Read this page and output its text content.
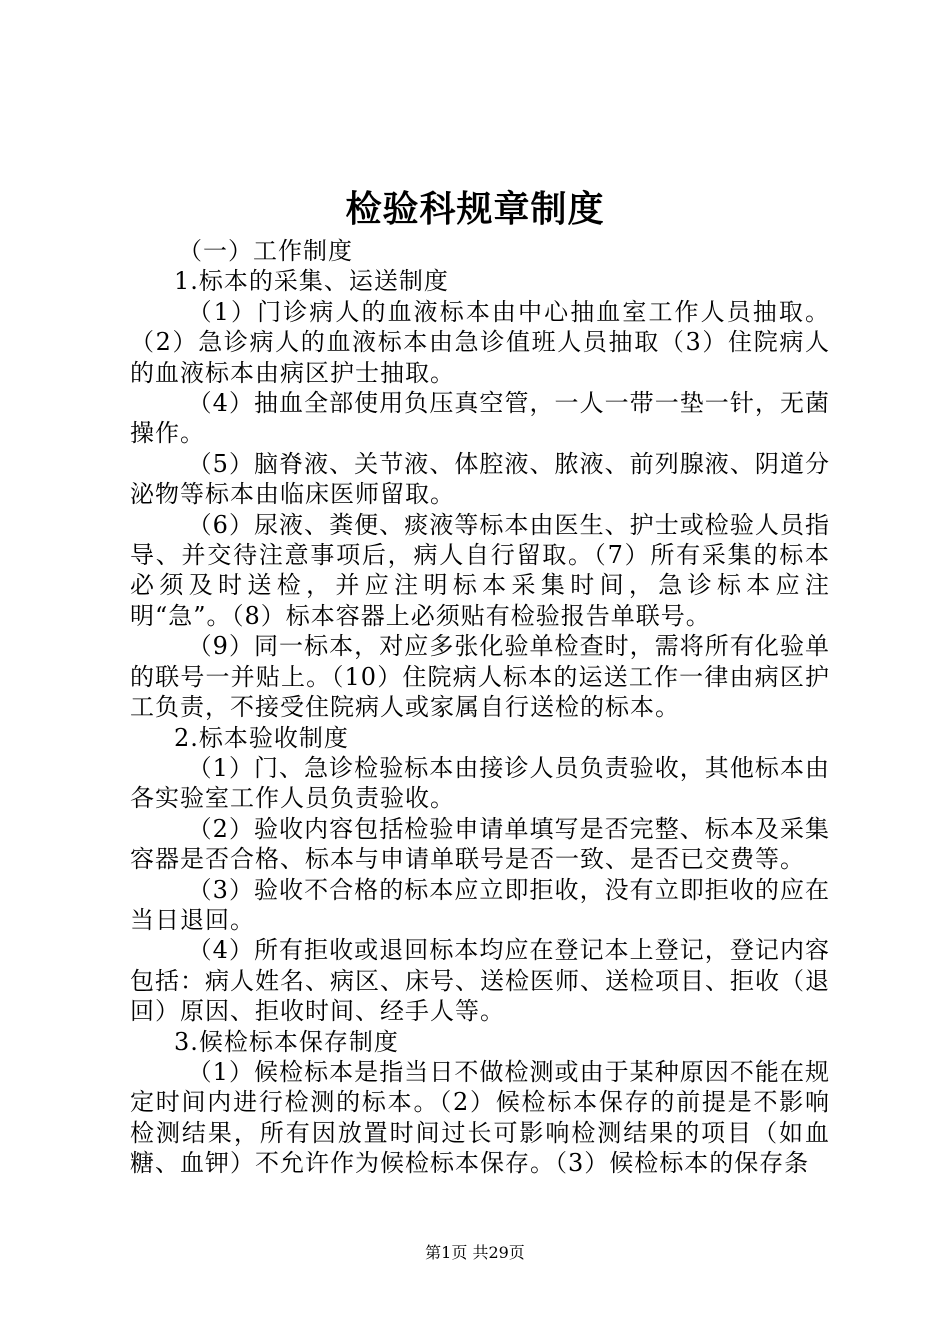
检验科规章制度

（一）工作制度

1.标本的采集、运送制度

（1）门诊病人的血液标本由中心抽血室工作人员抽取。（2）急诊病人的血液标本由急诊值班人员抽取（3）住院病人的血液标本由病区护士抽取。

（4）抽血全部使用负压真空管，一人一带一垫一针，无菌操作。

（5）脑脊液、关节液、体腔液、脓液、前列腺液、阴道分泌物等标本由临床医师留取。

（6）尿液、粪便、痰液等标本由医生、护士或检验人员指导、并交待注意事项后，病人自行留取。（7）所有采集的标本必须及时送检，并应注明标本采集时间，急诊标本应注明“急”。（8）标本容器上必须贴有检验报告单联号。

（9）同一标本，对应多张化验单检查时，需将所有化验单的联号一并贴上。（10）住院病人标本的运送工作一律由病区护工负责，不接受住院病人或家属自行送检的标本。

2.标本验收制度

（1）门、急诊检验标本由接诊人员负责验收，其他标本由各实验室工作人员负责验收。

（2）验收内容包括检验申请单填写是否完整、标本及采集容器是否合格、标本与申请单联号是否一致、是否已交费等。

（3）验收不合格的标本应立即拒收，没有立即拒收的应在当日退回。

（4）所有拒收或退回标本均应在登记本上登记，登记内容包括：病人姓名、病区、床号、送检医师、送检项目、拒收（退回）原因、拒收时间、经手人等。

3.候检标本保存制度

（1）候检标本是指当日不做检测或由于某种原因不能在规定时间内进行检测的标本。（2）候检标本保存的前提是不影响检测结果，所有因放置时间过长可影响检测结果的项目（如血糖、血钾）不允许作为候检标本保存。（3）候检标本的保存条

第1页 共29页
